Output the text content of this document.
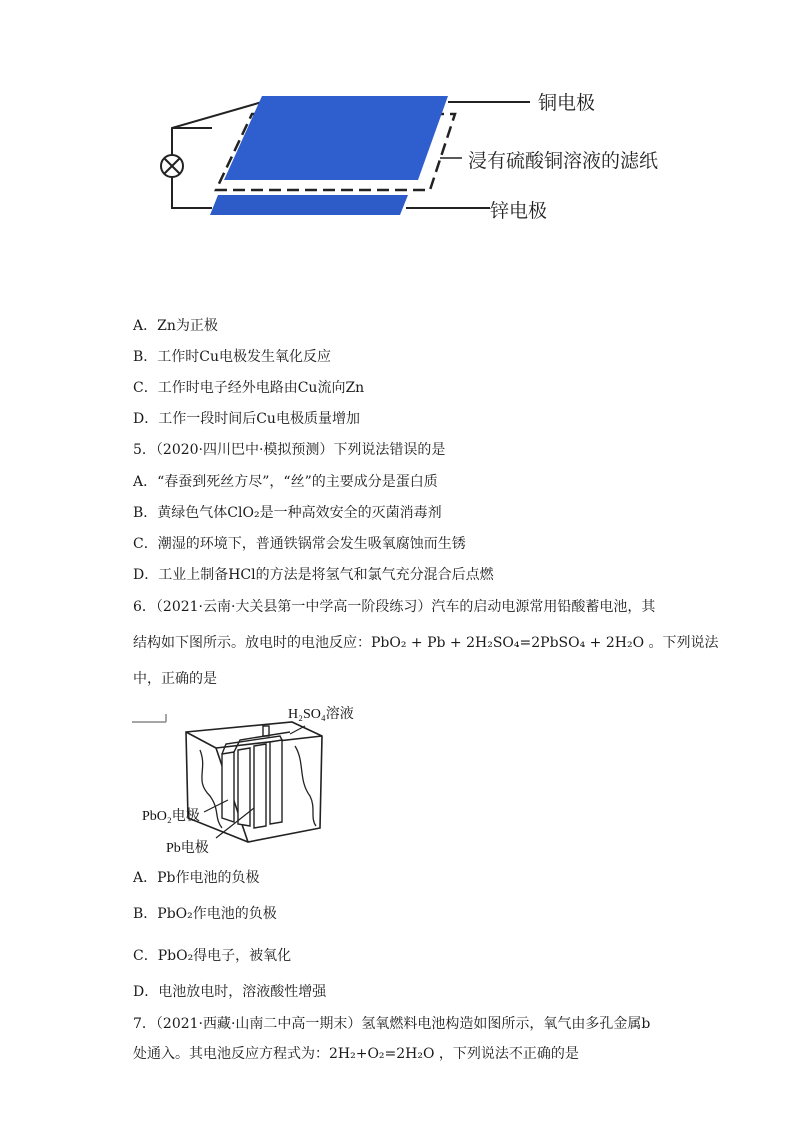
铜电极
浸有硫酸铜溶液的滤纸
锌电极
A．Zn为正极
B．工作时Cu电极发生氧化反应
C．工作时电子经外电路由Cu流向Zn
D．工作一段时间后Cu电极质量增加
5．（2020·四川巴中·模拟预测）下列说法错误的是
A．“春蚕到死丝方尽”，“丝”的主要成分是蛋白质
B．黄绿色气体ClO₂是一种高效安全的灭菌消毒剂
C．潮湿的环境下，普通铁锅常会发生吸氧腐蚀而生锈
D．工业上制备HCl的方法是将氢气和氯气充分混合后点燃
6．（2021·云南·大关县第一中学高一阶段练习）汽车的启动电源常用铅酸蓄电池，其
结构如下图所示。放电时的电池反应：PbO₂ + Pb + 2H₂SO₄=2PbSO₄ + 2H₂O 。下列说法
中，正确的是
H₂SO₄溶液
PbO₂电极
Pb电极
A．Pb作电池的负极
B．PbO₂作电池的负极
C．PbO₂得电子，被氧化
D．电池放电时，溶液酸性增强
7．（2021·西藏·山南二中高一期末）氢氧燃料电池构造如图所示，氧气由多孔金属b
处通入。其电池反应方程式为：2H₂+O₂=2H₂O ，下列说法不正确的是
